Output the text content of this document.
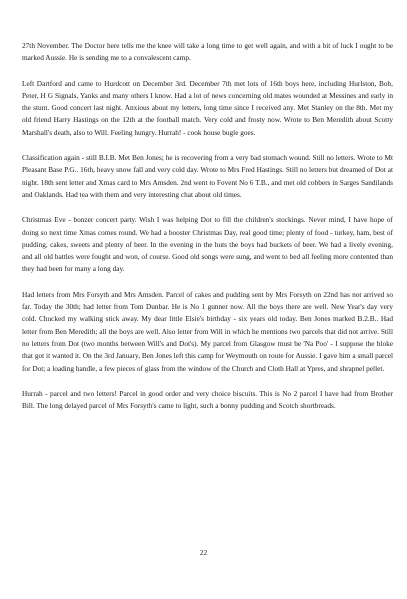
27th November. The Doctor here tells me the knee will take a long time to get well again, and with a bit of luck I ought to be marked Aussie. He is sending me to a convalescent camp.

Left Dartford and came to Hurdcott on December 3rd. December 7th met lots of 16th boys here, including Hurlston, Bob, Peter, H G Signals, Yanks and many others I know. Had a lot of news concerning old mates wounded at Messines and early in the stunt. Good concert last night. Anxious about my letters, long time since I received any. Met Stanley on the 8th. Met my old friend Harry Hastings on the 12th at the football match. Very cold and frosty now. Wrote to Ben Meredith about Scotty Marshall's death, also to Will. Feeling hungry. Hurrah! - cook house bugle goes.

Classification again - still B.I.B. Met Ben Jones; he is recovering from a very bad stomach wound. Still no letters. Wrote to Mt Pleasant Base P.G.. 16th, heavy snow fall and very cold day. Wrote to Mrs Fred Hastings. Still no letters but dreamed of Dot at night. 18th sent letter and Xmas card to Mrs Amsden. 2nd went to Fovent No 6 T.B., and met old cobbers in Sarges Sandilands and Oaklands. Had tea with them and very interesting chat about old times.

Christmas Eve - bonzer concert party. Wish I was helping Dot to fill the children's stockings. Never mind, I have hope of doing so next time Xmas comes round. We had a booster Christmas Day, real good time; plenty of food - turkey, ham, best of pudding, cakes, sweets and plenty of beer. In the evening in the huts the boys had buckets of beer. We had a lively evening, and all old battles were fought and won, of course. Good old songs were sung, and went to bed all feeling more contented than they had been for many a long day.

Had letters from Mrs Forsyth and Mrs Amsden. Parcel of cakes and pudding sent by Mrs Forsyth on 22nd has not arrived so far. Today the 30th; had letter from Tom Dunbar. He is No 1 gunner now. All the boys there are well. New Year's day very cold. Chucked my walking stick away. My dear little Elsie's birthday - six years old today. Ben Jones marked B.2.B.. Had letter from Ben Meredith; all the boys are well. Also letter from Will in which he mentions two parcels that did not arrive. Still no letters from Dot (two months between Will's and Dot's). My parcel from Glasgow must be 'Na Poo' - I suppose the bloke that got it wanted it. On the 3rd January, Ben Jones left this camp for Weymouth on route for Aussie. I gave him a small parcel for Dot; a loading handle, a few pieces of glass from the window of the Church and Cloth Hall at Ypres, and shrapnel pellet.

Hurrah - parcel and two letters! Parcel in good order and very choice biscuits. This is No 2 parcel I have had from Brother Bill. The long delayed parcel of Mrs Forsyth's came to light, such a bonny pudding and Scotch shortbreads.

22
